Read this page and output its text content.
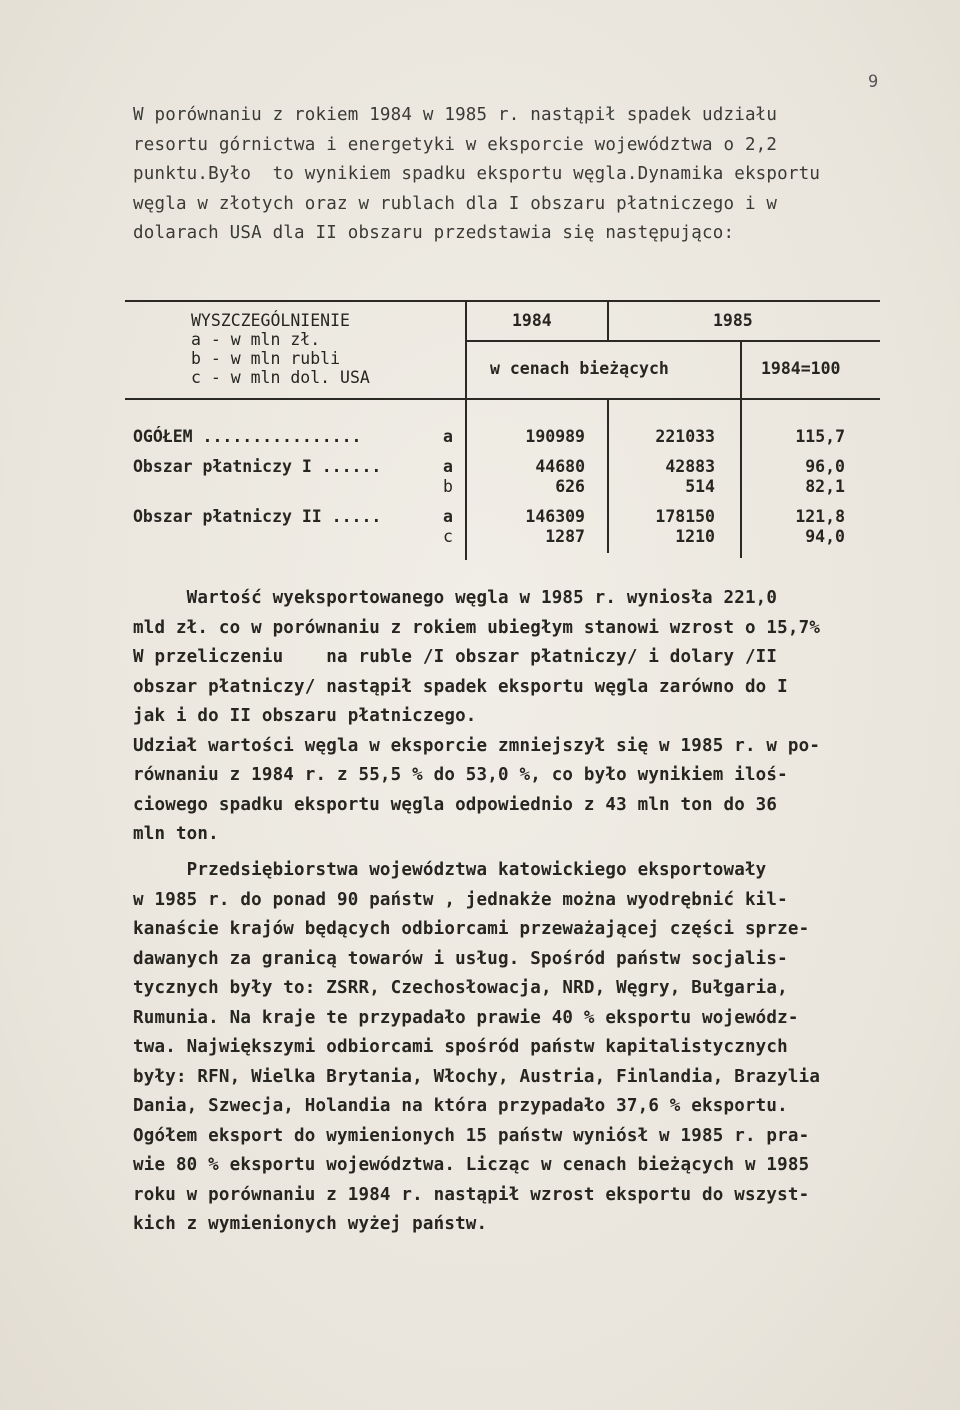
9
W porównaniu z rokiem 1984 w 1985 r. nastąpił spadek udziału
resortu górnictwa i energetyki w eksporcie województwa o 2,2
punktu.Było  to wynikiem spadku eksportu węgla.Dynamika eksportu
węgla w złotych oraz w rublach dla I obszaru płatniczego i w
dolarach USA dla II obszaru przedstawia się następująco:
WYSZCZEGÓLNIENIE
a - w mln zł.
b - w mln rubli
c - w mln dol. USA
1984	1985
w cenach bieżących	1984=100
OGÓŁEM ................	a	190989	221033	115,7
Obszar płatniczy I ......	a	44680	42883	96,0
b	626	514	82,1
Obszar płatniczy II .....	a	146309	178150	121,8
c	1287	1210	94,0
Wartość wyeksportowanego węgla w 1985 r. wyniosła 221,0
mld zł. co w porównaniu z rokiem ubiegłym stanowi wzrost o 15,7%
W przeliczeniu    na ruble /I obszar płatniczy/ i dolary /II
obszar płatniczy/ nastąpił spadek eksportu węgla zarówno do I
jak i do II obszaru płatniczego.
Udział wartości węgla w eksporcie zmniejszył się w 1985 r. w po-
równaniu z 1984 r. z 55,5 % do 53,0 %, co było wynikiem iloś-
ciowego spadku eksportu węgla odpowiednio z 43 mln ton do 36
mln ton.
Przedsiębiorstwa województwa katowickiego eksportowały
w 1985 r. do ponad 90 państw , jednakże można wyodrębnić kil-
kanaście krajów będących odbiorcami przeważającej części sprze-
dawanych za granicą towarów i usług. Spośród państw socjalis-
tycznych były to: ZSRR, Czechosłowacja, NRD, Węgry, Bułgaria,
Rumunia. Na kraje te przypadało prawie 40 % eksportu wojewódz-
twa. Największymi odbiorcami spośród państw kapitalistycznych
były: RFN, Wielka Brytania, Włochy, Austria, Finlandia, Brazylia
Dania, Szwecja, Holandia na która przypadało 37,6 % eksportu.
Ogółem eksport do wymienionych 15 państw wyniósł w 1985 r. pra-
wie 80 % eksportu województwa. Licząc w cenach bieżących w 1985
roku w porównaniu z 1984 r. nastąpił wzrost eksportu do wszyst-
kich z wymienionych wyżej państw.
